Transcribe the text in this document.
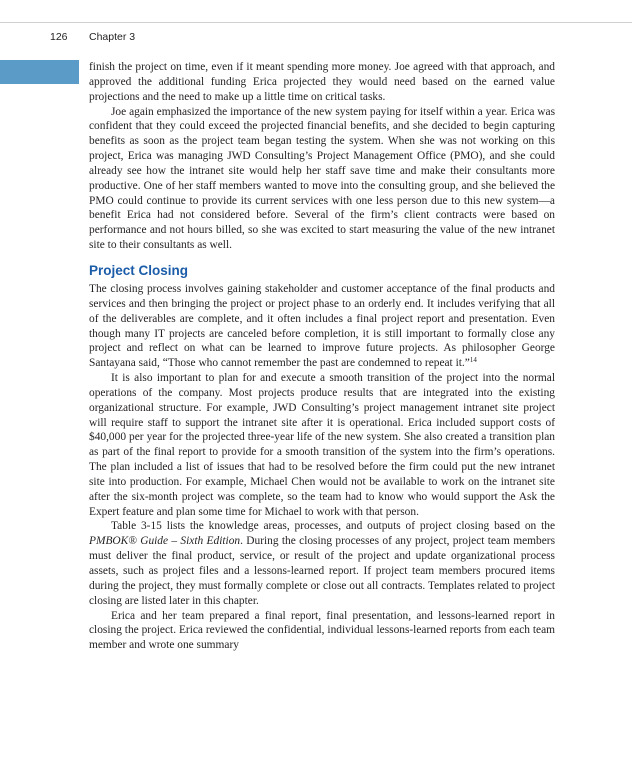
126 Chapter 3

finish the project on time, even if it meant spending more money. Joe agreed with that approach, and approved the additional funding Erica projected they would need based on the earned value projections and the need to make up a little time on critical tasks.

Joe again emphasized the importance of the new system paying for itself within a year. Erica was confident that they could exceed the projected financial benefits, and she decided to begin capturing benefits as soon as the project team began testing the system. When she was not working on this project, Erica was managing JWD Consulting’s Project Management Office (PMO), and she could already see how the intranet site would help her staff save time and make their consultants more productive. One of her staff members wanted to move into the consulting group, and she believed the PMO could continue to provide its current services with one less person due to this new system—a benefit Erica had not considered before. Several of the firm’s client contracts were based on performance and not hours billed, so she was excited to start measuring the value of the new intranet site to their consultants as well.

Project Closing

The closing process involves gaining stakeholder and customer acceptance of the final products and services and then bringing the project or project phase to an orderly end. It includes verifying that all of the deliverables are complete, and it often includes a final project report and presentation. Even though many IT projects are canceled before completion, it is still important to formally close any project and reflect on what can be learned to improve future projects. As philosopher George Santayana said, “Those who cannot remember the past are condemned to repeat it.”$^{14}$

It is also important to plan for and execute a smooth transition of the project into the normal operations of the company. Most projects produce results that are integrated into the existing organizational structure. For example, JWD Consulting’s project management intranet site project will require staff to support the intranet site after it is operational. Erica included support costs of $40,000 per year for the projected three-year life of the new system. She also created a transition plan as part of the final report to provide for a smooth transition of the system into the firm’s operations. The plan included a list of issues that had to be resolved before the firm could put the new intranet site into production. For example, Michael Chen would not be available to work on the intranet site after the six-month project was complete, so the team had to know who would support the Ask the Expert feature and plan some time for Michael to work with that person.

Table 3-15 lists the knowledge areas, processes, and outputs of project closing based on the PMBOK® Guide – Sixth Edition. During the closing processes of any project, project team members must deliver the final product, service, or result of the project and update organizational process assets, such as project files and a lessons-learned report. If project team members procured items during the project, they must formally complete or close out all contracts. Templates related to project closing are listed later in this chapter.

Erica and her team prepared a final report, final presentation, and lessons-learned report in closing the project. Erica reviewed the confidential, individual lessons-learned reports from each team member and wrote one summary
